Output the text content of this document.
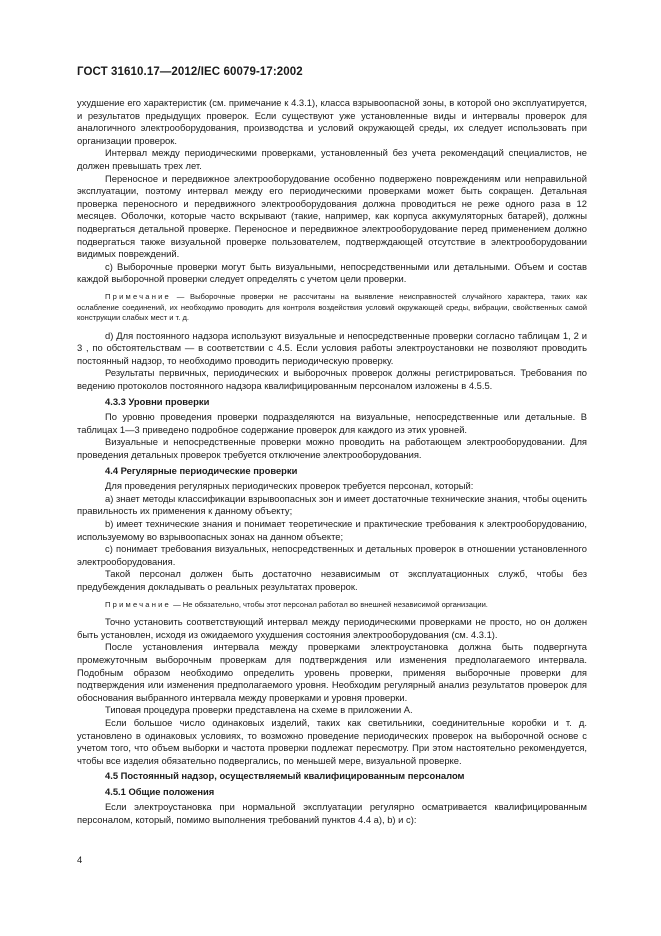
ГОСТ 31610.17—2012/IEC 60079-17:2002

ухудшение его характеристик (см. примечание к 4.3.1), класса взрывоопасной зоны, в которой оно эксплуатируется, и результатов предыдущих проверок. Если существуют уже установленные виды и интервалы проверок для аналогичного электрооборудования, производства и условий окружающей среды, их следует использовать при организации проверок.

Интервал между периодическими проверками, установленный без учета рекомендаций специалистов, не должен превышать трех лет.

Переносное и передвижное электрооборудование особенно подвержено повреждениям или неправильной эксплуатации, поэтому интервал между его периодическими проверками может быть сокращен. Детальная проверка переносного и передвижного электрооборудования должна проводиться не реже одного раза в 12 месяцев. Оболочки, которые часто вскрывают (такие, например, как корпуса аккумуляторных батарей), должны подвергаться детальной проверке. Переносное и передвижное электрооборудование перед применением должно подвергаться также визуальной проверке пользователем, подтверждающей отсутствие в электрооборудовании видимых повреждений.

c) Выборочные проверки могут быть визуальными, непосредственными или детальными. Объем и состав каждой выборочной проверки следует определять с учетом цели проверки.

Примечание — Выборочные проверки не рассчитаны на выявление неисправностей случайного характера, таких как ослабление соединений, их необходимо проводить для контроля воздействия условий окружающей среды, вибрации, свойственных самой конструкции слабых мест и т. д.

d) Для постоянного надзора используют визуальные и непосредственные проверки согласно таблицам 1, 2 и 3 , по обстоятельствам — в соответствии с 4.5. Если условия работы электроустановки не позволяют проводить постоянный надзор, то необходимо проводить периодическую проверку.

Результаты первичных, периодических и выборочных проверок должны регистрироваться. Требования по ведению протоколов постоянного надзора квалифицированным персоналом изложены в 4.5.5.

4.3.3 Уровни проверки

По уровню проведения проверки подразделяются на визуальные, непосредственные или детальные. В таблицах 1—3 приведено подробное содержание проверок для каждого из этих уровней.

Визуальные и непосредственные проверки можно проводить на работающем электрооборудовании. Для проведения детальных проверок требуется отключение электрооборудования.

4.4 Регулярные периодические проверки

Для проведения регулярных периодических проверок требуется персонал, который:

a) знает методы классификации взрывоопасных зон и имеет достаточные технические знания, чтобы оценить правильность их применения к данному объекту;

b) имеет технические знания и понимает теоретические и практические требования к электрооборудованию, используемому во взрывоопасных зонах на данном объекте;

c) понимает требования визуальных, непосредственных и детальных проверок в отношении установленного электрооборудования.

Такой персонал должен быть достаточно независимым от эксплуатационных служб, чтобы без предубеждения докладывать о реальных результатах проверок.

Примечание — Не обязательно, чтобы этот персонал работал во внешней независимой организации.

Точно установить соответствующий интервал между периодическими проверками не просто, но он должен быть установлен, исходя из ожидаемого ухудшения состояния электрооборудования (см. 4.3.1).

После установления интервала между проверками электроустановка должна быть подвергнута промежуточным выборочным проверкам для подтверждения или изменения предполагаемого интервала. Подобным образом необходимо определить уровень проверки, применяя выборочные проверки для подтверждения или изменения предполагаемого уровня. Необходим регулярный анализ результатов проверок для обоснования выбранного интервала между проверками и уровня проверки.

Типовая процедура проверки представлена на схеме в приложении А.

Если большое число одинаковых изделий, таких как светильники, соединительные коробки и т. д. установлено в одинаковых условиях, то возможно проведение периодических проверок на выборочной основе с учетом того, что объем выборки и частота проверки подлежат пересмотру. При этом настоятельно рекомендуется, чтобы все изделия обязательно подвергались, по меньшей мере, визуальной проверке.

4.5 Постоянный надзор, осуществляемый квалифицированным персоналом

4.5.1 Общие положения

Если электроустановка при нормальной эксплуатации регулярно осматривается квалифицированным персоналом, который, помимо выполнения требований пунктов 4.4 a), b) и c):

4
